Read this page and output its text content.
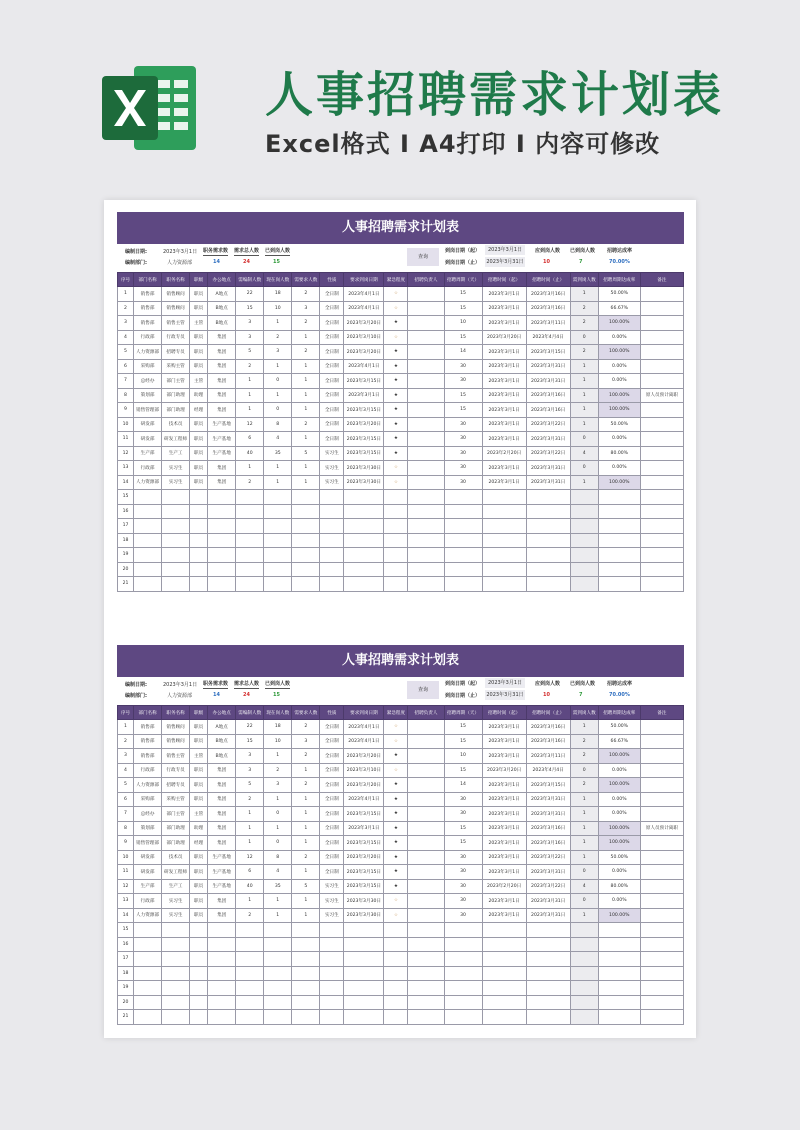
人事招聘需求计划表
Excel格式 I A4打印 I 内容可修改
人事招聘需求计划表
编制日期:	2023年3月1日
编制部门:	人力资源部
职务需求数
14
需求总人数
24
已到岗人数
15
查询
到岗日期（起）	2023年3月1日
到岗日期（止） 2023年3月31日
应到岗人数
10
已到岗人数
7
招聘达成率
70.00%
序号	部门名称	职务名称	职级	办公地点	需编制人数	现在岗人数	需要求人数	性质	要求到岗日期	紧急程度	招聘负责人	招聘周期（天）	招聘时间（起）	招聘时间（止）	需到岗人数	招聘周期达成率	备注
1	销售部	销售顾问	职员	A地点	22	18	2	全日制	2023年4月1日	☆		15	2023年3月1日	2023年3月16日	1	50.00%	
2	销售部	销售顾问	职员	B地点	15	10	3	全日制	2023年4月1日	☆		15	2023年3月1日	2023年3月16日	2	66.67%	
3	销售部	销售主管	主管	B地点	3	1	2	全日制	2023年3月20日	★		10	2023年3月1日	2023年3月11日	2	100.00%	
4	行政部	行政专员	职员	集团	3	2	1	全日制	2023年3月10日	☆		15	2023年3月20日	2023年4月4日	0	0.00%	
5	人力资源部	招聘专员	职员	集团	5	3	2	全日制	2023年3月20日	★		14	2023年3月1日	2023年3月15日	2	100.00%	
6	采购部	采购主管	职员	集团	2	1	1	全日制	2023年4月1日	★		30	2023年3月1日	2023年3月31日	1	0.00%	
7	总经办	部门主管	主管	集团	1	0	1	全日制	2023年3月15日	★		30	2023年3月1日	2023年3月31日	1	0.00%	
8	策划部	部门助理	助理	集团	1	1	1	全日制	2023年3月1日	★		15	2023年3月1日	2023年3月16日	1	100.00%	原人员预计离职
9	销售管理部	部门助理	经理	集团	1	0	1	全日制	2023年3月15日	★		15	2023年3月1日	2023年3月16日	1	100.00%	
10	研发部	技术员	职员	生产基地	12	8	2	全日制	2023年3月20日	★		30	2023年3月1日	2023年3月22日	1	50.00%	
11	研发部	研发工程师	职员	生产基地	6	4	1	全日制	2023年3月15日	★		30	2023年3月1日	2023年3月31日	0	0.00%	
12	生产部	生产工	职员	生产基地	40	35	5	实习生	2023年3月15日	★		30	2023年2月20日	2023年3月22日	4	80.00%	
13	行政部	实习生	职员	集团	1	1	1	实习生	2023年3月30日	☆		30	2023年3月1日	2023年3月31日	0	0.00%	
14	人力资源部	实习生	职员	集团	2	1	1	实习生	2023年3月30日	☆		30	2023年3月1日	2023年3月31日	1	100.00%	
15																	
16																	
17																	
18																	
19																	
20																	
21																	
人事招聘需求计划表
编制日期:	2023年3月1日
编制部门:	人力资源部
职务需求数
14
需求总人数
24
已到岗人数
15
查询
到岗日期（起）	2023年3月1日
到岗日期（止） 2023年3月31日
应到岗人数
10
已到岗人数
7
招聘达成率
70.00%
序号	部门名称	职务名称	职级	办公地点	需编制人数	现在岗人数	需要求人数	性质	要求到岗日期	紧急程度	招聘负责人	招聘周期（天）	招聘时间（起）	招聘时间（止）	需到岗人数	招聘周期达成率	备注
1	销售部	销售顾问	职员	A地点	22	18	2	全日制	2023年4月1日	☆		15	2023年3月1日	2023年3月16日	1	50.00%	
2	销售部	销售顾问	职员	B地点	15	10	3	全日制	2023年4月1日	☆		15	2023年3月1日	2023年3月16日	2	66.67%	
3	销售部	销售主管	主管	B地点	3	1	2	全日制	2023年3月20日	★		10	2023年3月1日	2023年3月11日	2	100.00%	
4	行政部	行政专员	职员	集团	3	2	1	全日制	2023年3月10日	☆		15	2023年3月20日	2023年4月4日	0	0.00%	
5	人力资源部	招聘专员	职员	集团	5	3	2	全日制	2023年3月20日	★		14	2023年3月1日	2023年3月15日	2	100.00%	
6	采购部	采购主管	职员	集团	2	1	1	全日制	2023年4月1日	★		30	2023年3月1日	2023年3月31日	1	0.00%	
7	总经办	部门主管	主管	集团	1	0	1	全日制	2023年3月15日	★		30	2023年3月1日	2023年3月31日	1	0.00%	
8	策划部	部门助理	助理	集团	1	1	1	全日制	2023年3月1日	★		15	2023年3月1日	2023年3月16日	1	100.00%	原人员预计离职
9	销售管理部	部门助理	经理	集团	1	0	1	全日制	2023年3月15日	★		15	2023年3月1日	2023年3月16日	1	100.00%	
10	研发部	技术员	职员	生产基地	12	8	2	全日制	2023年3月20日	★		30	2023年3月1日	2023年3月22日	1	50.00%	
11	研发部	研发工程师	职员	生产基地	6	4	1	全日制	2023年3月15日	★		30	2023年3月1日	2023年3月31日	0	0.00%	
12	生产部	生产工	职员	生产基地	40	35	5	实习生	2023年3月15日	★		30	2023年2月20日	2023年3月22日	4	80.00%	
13	行政部	实习生	职员	集团	1	1	1	实习生	2023年3月30日	☆		30	2023年3月1日	2023年3月31日	0	0.00%	
14	人力资源部	实习生	职员	集团	2	1	1	实习生	2023年3月30日	☆		30	2023年3月1日	2023年3月31日	1	100.00%	
15																	
16																	
17																	
18																	
19																	
20																	
21																	
